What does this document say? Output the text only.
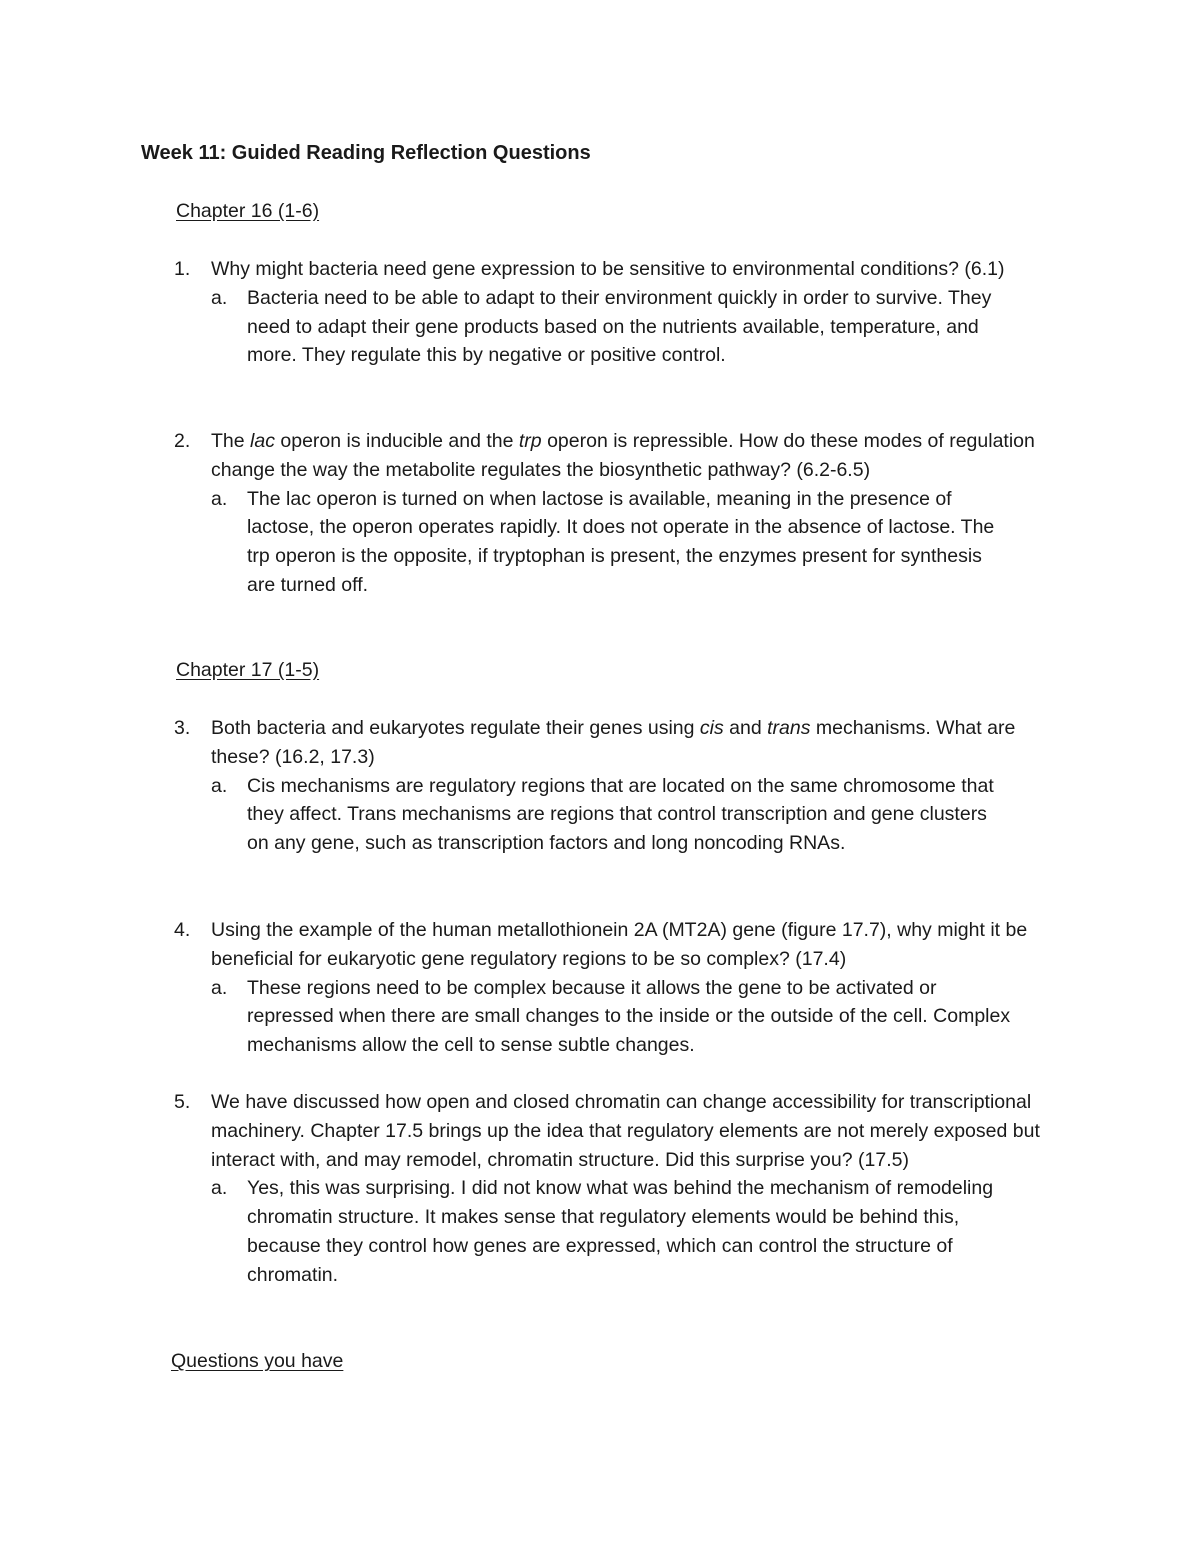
Week 11: Guided Reading Reflection Questions
Chapter 16 (1-6)
1. Why might bacteria need gene expression to be sensitive to environmental conditions? (6.1)
a. Bacteria need to be able to adapt to their environment quickly in order to survive. They need to adapt their gene products based on the nutrients available, temperature, and more. They regulate this by negative or positive control.
2. The lac operon is inducible and the trp operon is repressible. How do these modes of regulation change the way the metabolite regulates the biosynthetic pathway? (6.2-6.5)
a. The lac operon is turned on when lactose is available, meaning in the presence of lactose, the operon operates rapidly. It does not operate in the absence of lactose. The trp operon is the opposite, if tryptophan is present, the enzymes present for synthesis are turned off.
Chapter 17 (1-5)
3. Both bacteria and eukaryotes regulate their genes using cis and trans mechanisms. What are these? (16.2, 17.3)
a. Cis mechanisms are regulatory regions that are located on the same chromosome that they affect. Trans mechanisms are regions that control transcription and gene clusters on any gene, such as transcription factors and long noncoding RNAs.
4. Using the example of the human metallothionein 2A (MT2A) gene (figure 17.7), why might it be beneficial for eukaryotic gene regulatory regions to be so complex? (17.4)
a. These regions need to be complex because it allows the gene to be activated or repressed when there are small changes to the inside or the outside of the cell. Complex mechanisms allow the cell to sense subtle changes.
5. We have discussed how open and closed chromatin can change accessibility for transcriptional machinery. Chapter 17.5 brings up the idea that regulatory elements are not merely exposed but interact with, and may remodel, chromatin structure. Did this surprise you? (17.5)
a. Yes, this was surprising. I did not know what was behind the mechanism of remodeling chromatin structure. It makes sense that regulatory elements would be behind this, because they control how genes are expressed, which can control the structure of chromatin.
Questions you have
